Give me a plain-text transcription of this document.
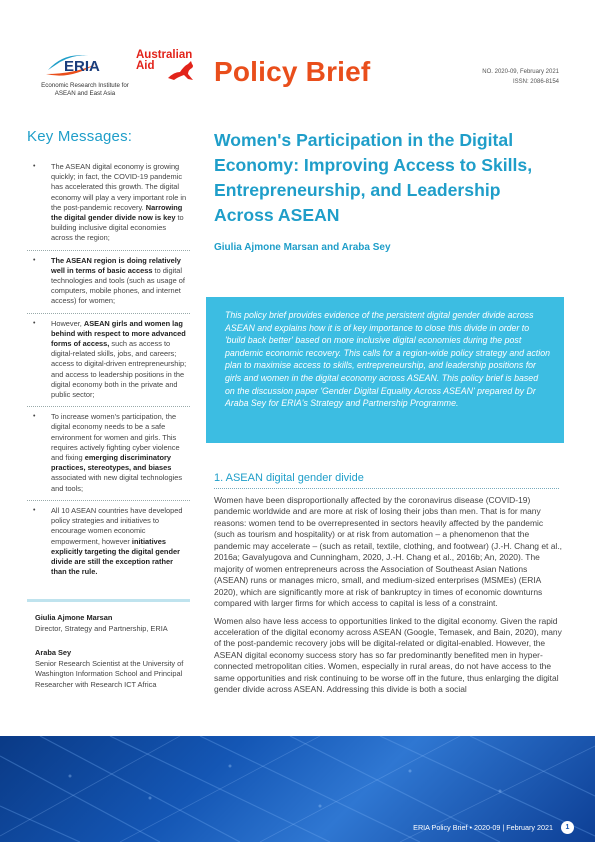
ERIA
Economic Research Institute for ASEAN and East Asia
Australian
Aid	Policy Brief	NO. 2020-09, February 2021
ISSN: 2086-8154
Key Messages:
• The ASEAN digital economy is growing quickly; in fact, the COVID-19 pandemic has accelerated this growth. The digital economy will play a very important role in the post-pandemic recovery. Narrowing the digital gender divide now is key to building inclusive digital economies across the region;
• The ASEAN region is doing relatively well in terms of basic access to digital technologies and tools (such as usage of computers, mobile phones, and internet access) for women;
• However, ASEAN girls and women lag behind with respect to more advanced forms of access, such as access to digital-related skills, jobs, and careers; access to digital-driven entrepreneurship; and access to leadership positions in the digital economy both in the private and public sector;
• To increase women's participation, the digital economy needs to be a safe environment for women and girls. This requires actively fighting cyber violence and fixing emerging discriminatory practices, stereotypes, and biases associated with new digital technologies and tools;
• All 10 ASEAN countries have developed policy strategies and initiatives to encourage women economic empowerment, however initiatives explicitly targeting the digital gender divide are still the exception rather than the rule.
Giulia Ajmone Marsan
Director, Strategy and Partnership, ERIA
Araba Sey
Senior Research Scientist at the University of Washington Information School and Principal Researcher with Research ICT Africa
Women's Participation in the Digital Economy: Improving Access to Skills, Entrepreneurship, and Leadership Across ASEAN
Giulia Ajmone Marsan and Araba Sey
This policy brief provides evidence of the persistent digital gender divide across ASEAN and explains how it is of key importance to close this divide in order to 'build back better' based on more inclusive digital economies during the post pandemic economic recovery. This calls for a region-wide policy strategy and action plan to maximise access to skills, entrepreneurship, and leadership positions for girls and women in the digital economy across ASEAN. This policy brief is based on the discussion paper 'Gender Digital Equality Across ASEAN' prepared by Dr Araba Sey for ERIA's Strategy and Partnership Programme.
1. ASEAN digital gender divide

Women have been disproportionally affected by the coronavirus disease (COVID-19) pandemic worldwide and are more at risk of losing their jobs than men. That is for many reasons: women tend to be overrepresented in sectors heavily affected by the pandemic (such as tourism and hospitality) or at risk from automation – a phenomenon that the pandemic may accelerate – (such as retail, textile, clothing, and footwear) (J.-H. Chang et al., 2016a; Gavalyugova and Cunningham, 2020, J.-H. Chang et al., 2016b; An, 2020). The majority of women entrepreneurs across the Association of Southeast Asian Nations (ASEAN) runs or manages micro, small, and medium-sized enterprises (MSMEs) (ERIA 2020), which are significantly more at risk of bankruptcy in times of economic downturns compared with larger firms for which access to capital is less of a constraint.

Women also have less access to opportunities linked to the digital economy. Given the rapid acceleration of the digital economy across ASEAN (Google, Temasek, and Bain, 2020), many of the post-pandemic recovery jobs will be digital-related or digital-enabled. However, the ASEAN digital economy success story has so far predominantly benefited men in hyper-connected metropolitan cities. Women, especially in rural areas, do not have access to the same opportunities and risk continuing to be worse off in the future, thus enlarging the digital gender divide across ASEAN. Addressing this divide is both a social

ERIA Policy Brief • 2020-09 | February 2021	1
